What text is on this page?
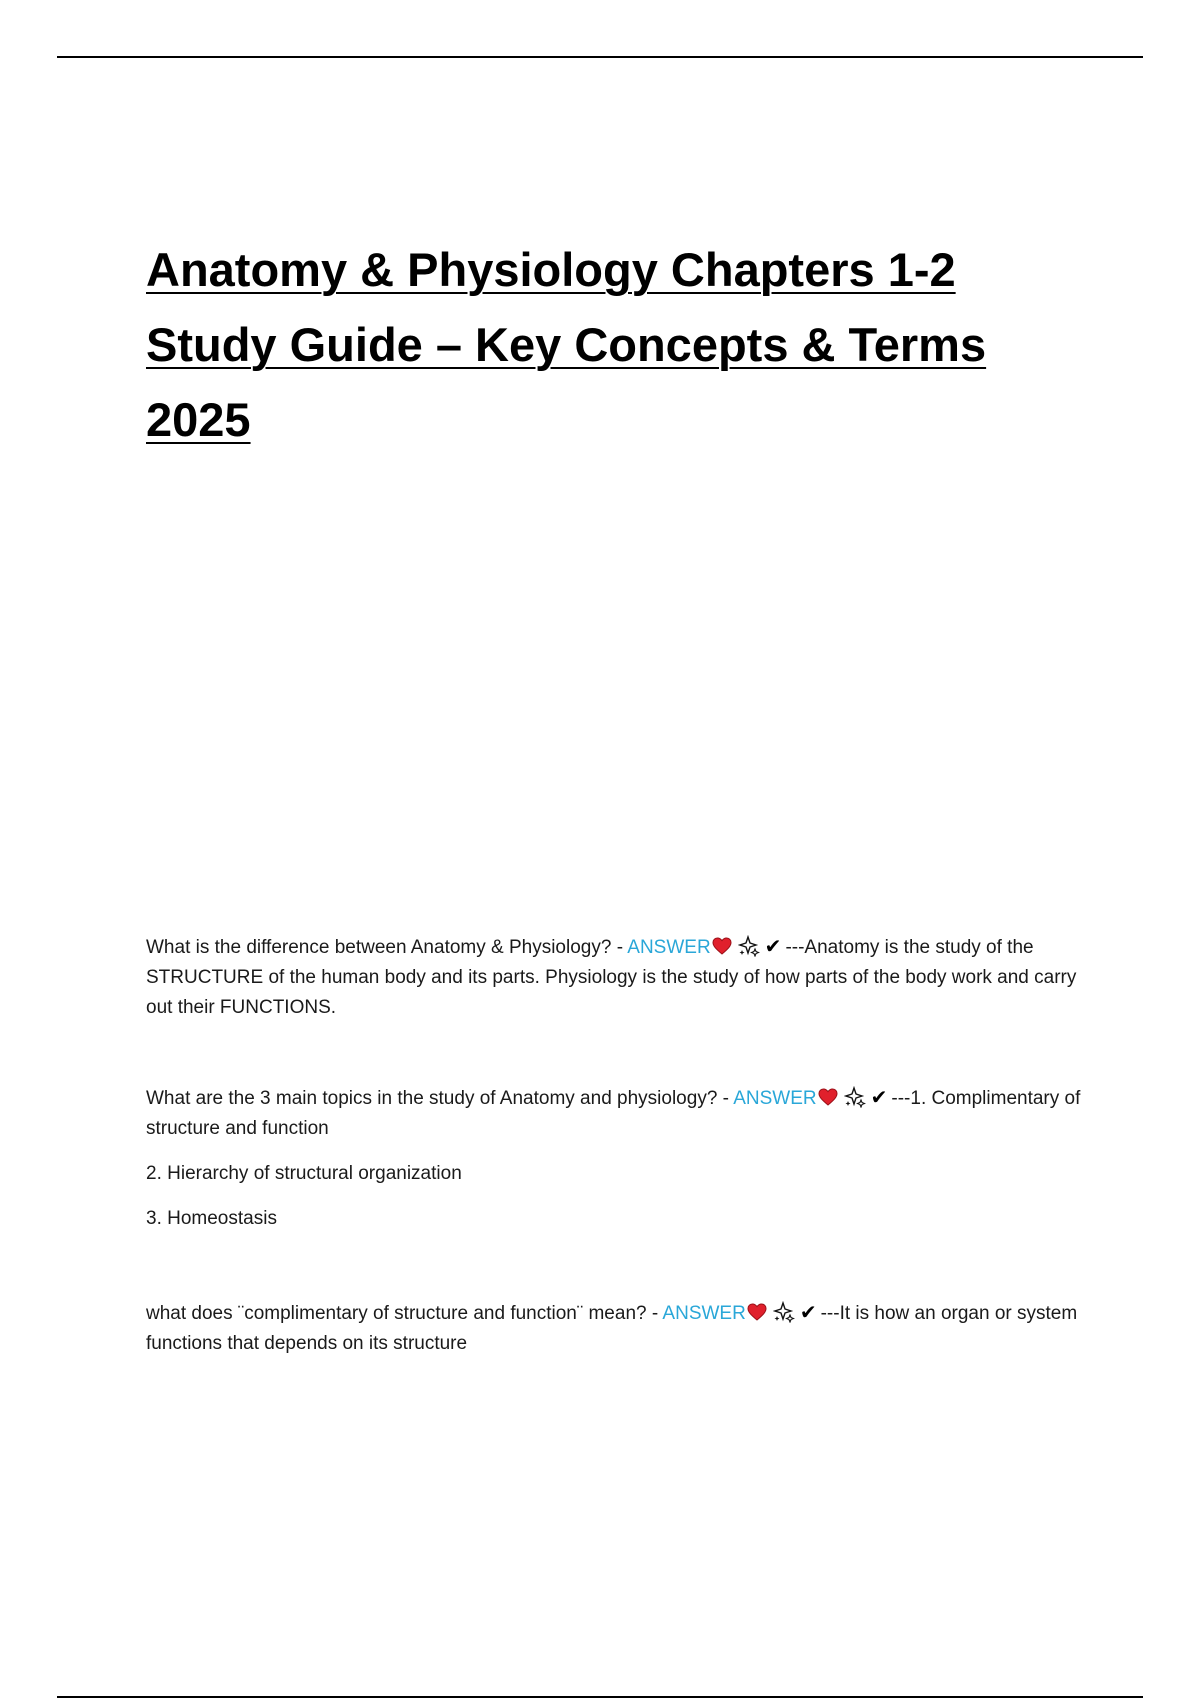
Anatomy & Physiology Chapters 1-2
Study Guide – Key Concepts & Terms
2025

What is the difference between Anatomy & Physiology? - ANSWER	✔ ---Anatomy is the study of the STRUCTURE of the human body and its parts. Physiology is the study of how parts of the body work and carry out their FUNCTIONS.

What are the 3 main topics in the study of Anatomy and physiology? - ANSWER	✔ ---1. Complimentary of structure and function

2. Hierarchy of structural organization

3. Homeostasis

what does ¨complimentary of structure and function¨ mean? - ANSWER	✔ ---It is how an organ or system functions that depends on its structure
